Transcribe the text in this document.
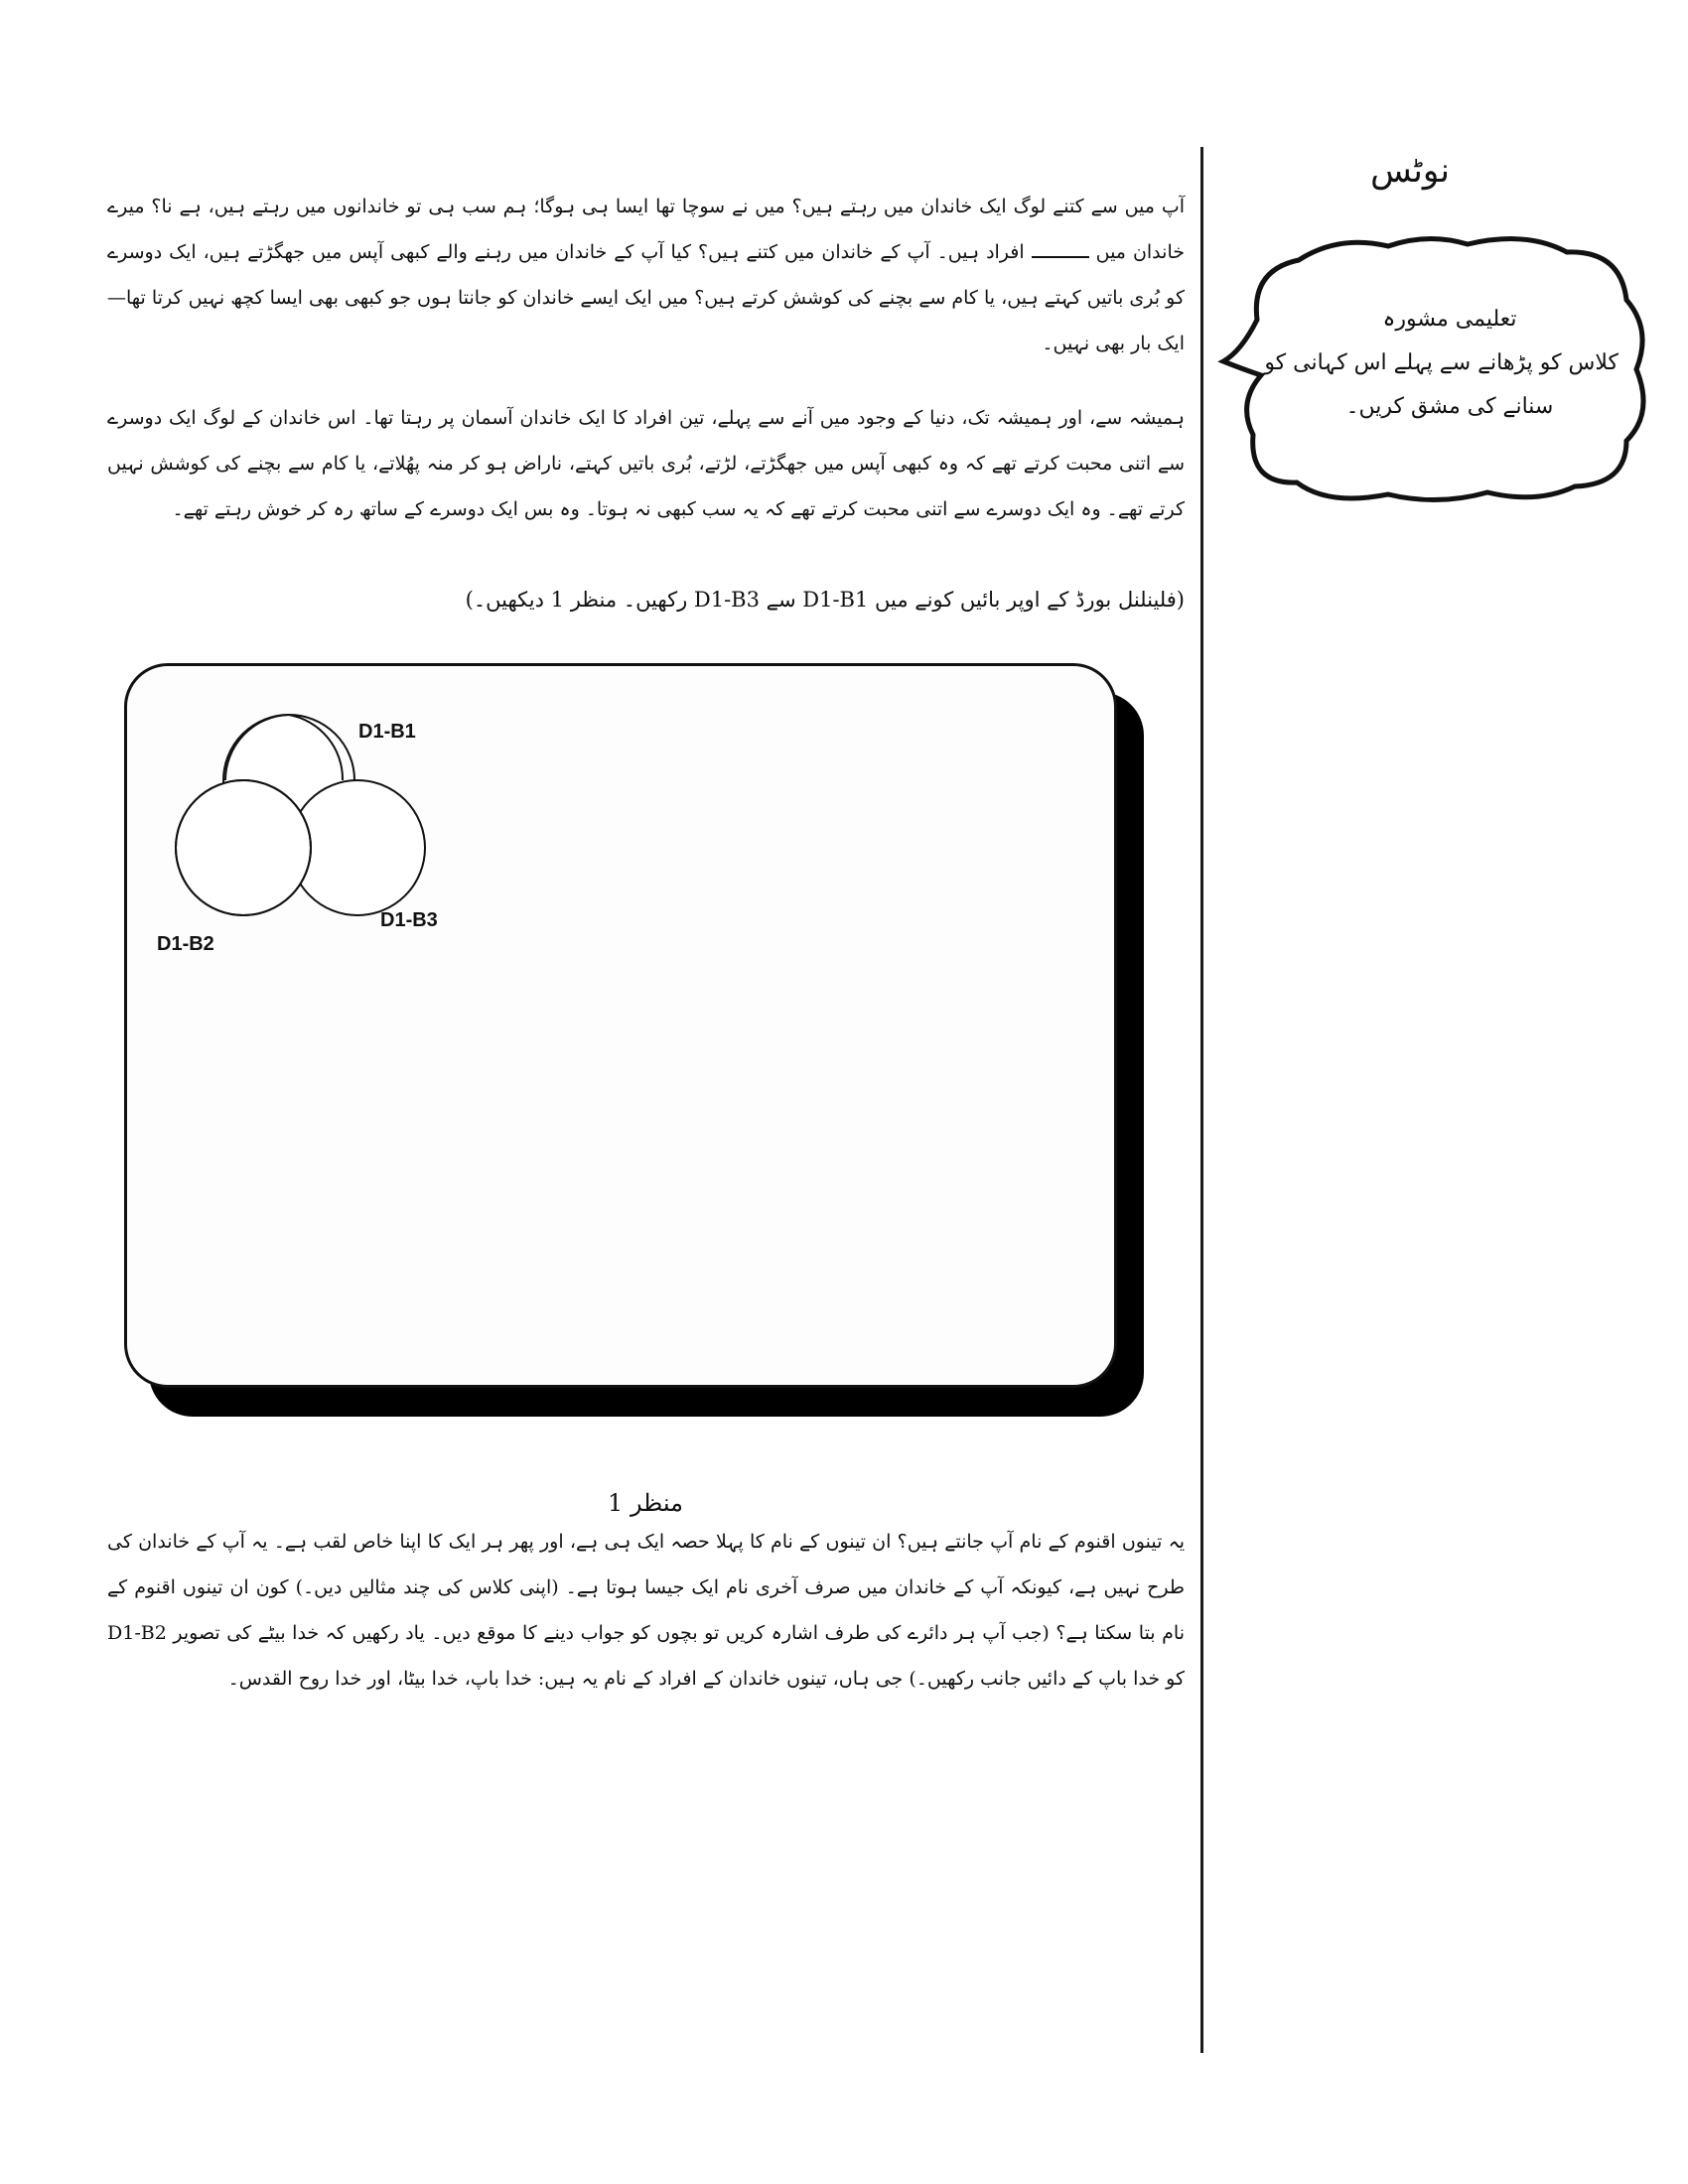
نوٹس
تعلیمی مشورہ
کلاس کو پڑھانے سے پہلے اس کہانی کو
سنانے کی مشق کریں۔
آپ میں سے کتنے لوگ ایک خاندان میں رہتے ہیں؟ میں نے سوچا تھا ایسا ہی ہوگا؛ ہم سب ہی تو خاندانوں میں رہتے ہیں، ہے نا؟ میرے خاندان میں  افراد ہیں۔ آپ کے خاندان میں کتنے ہیں؟ کیا آپ کے خاندان میں رہنے والے کبھی آپس میں جھگڑتے ہیں، ایک دوسرے کو بُری باتیں کہتے ہیں، یا کام سے بچنے کی کوشش کرتے ہیں؟ میں ایک ایسے خاندان کو جانتا ہوں جو کبھی بھی ایسا کچھ نہیں کرتا تھا—ایک بار بھی نہیں۔
ہمیشہ سے، اور ہمیشہ تک، دنیا کے وجود میں آنے سے پہلے، تین افراد کا ایک خاندان آسمان پر رہتا تھا۔ اس خاندان کے لوگ ایک دوسرے سے اتنی محبت کرتے تھے کہ وہ کبھی آپس میں جھگڑتے، لڑتے، بُری باتیں کہتے، ناراض ہو کر منہ پھُلاتے، یا کام سے بچنے کی کوشش نہیں کرتے تھے۔ وہ ایک دوسرے سے اتنی محبت کرتے تھے کہ یہ سب کبھی نہ ہوتا۔ وہ بس ایک دوسرے کے ساتھ رہ کر خوش رہتے تھے۔
(فلینلنل بورڈ کے اوپر بائیں کونے میں D1-B1 سے D1-B3 رکھیں۔ منظر 1 دیکھیں۔)
D1-B1
D1-B2
D1-B3
منظر 1
یہ تینوں اقنوم کے نام آپ جانتے ہیں؟ ان تینوں کے نام کا پہلا حصہ ایک ہی ہے، اور پھر ہر ایک کا اپنا خاص لقب ہے۔ یہ آپ کے خاندان کی طرح نہیں ہے، کیونکہ آپ کے خاندان میں صرف آخری نام ایک جیسا ہوتا ہے۔ (اپنی کلاس کی چند مثالیں دیں۔) کون ان تینوں اقنوم کے نام بتا سکتا ہے؟ (جب آپ ہر دائرے کی طرف اشارہ کریں تو بچوں کو جواب دینے کا موقع دیں۔ یاد رکھیں کہ خدا بیٹے کی تصویر D1-B2 کو خدا باپ کے دائیں جانب رکھیں۔) جی ہاں، تینوں خاندان کے افراد کے نام یہ ہیں: خدا باپ، خدا بیٹا، اور خدا روح القدس۔
